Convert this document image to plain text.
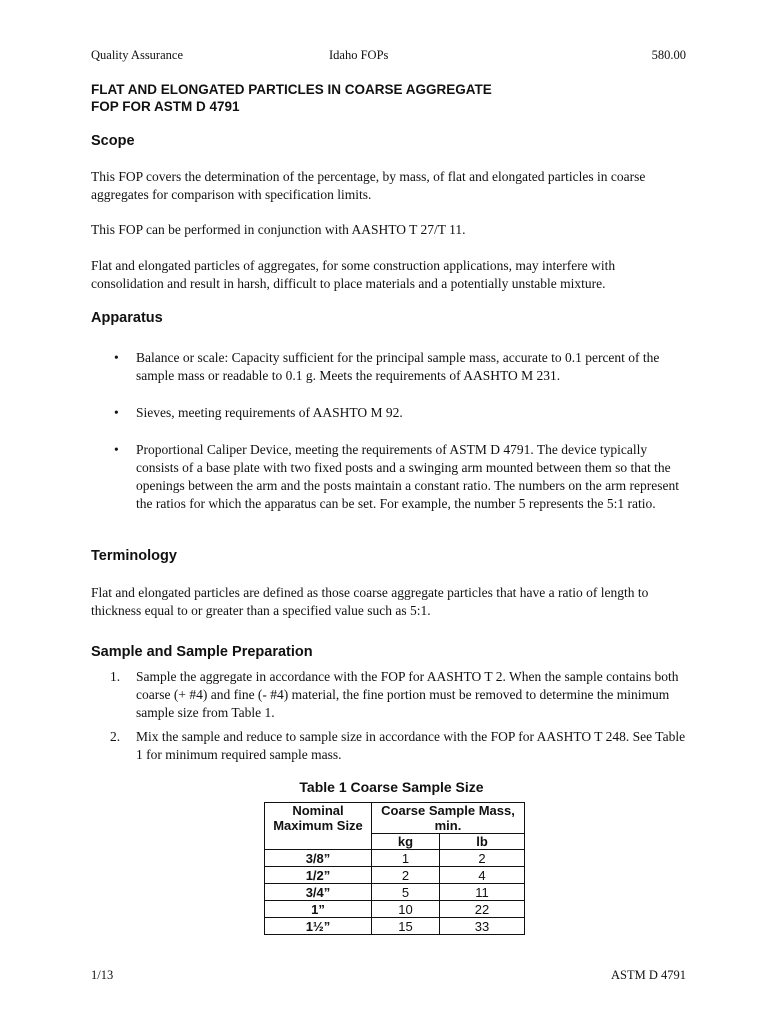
Quality Assurance	Idaho FOPs	580.00
FLAT AND ELONGATED PARTICLES IN COARSE AGGREGATE
FOP FOR ASTM D 4791
Scope
This FOP covers the determination of the percentage, by mass, of flat and elongated particles in coarse aggregates for comparison with specification limits.
This FOP can be performed in conjunction with AASHTO T 27/T 11.
Flat and elongated particles of aggregates, for some construction applications, may interfere with consolidation and result in harsh, difficult to place materials and a potentially unstable mixture.
Apparatus
•	Balance or scale: Capacity sufficient for the principal sample mass, accurate to 0.1 percent of the sample mass or readable to 0.1 g. Meets the requirements of AASHTO M 231.
•	Sieves, meeting requirements of AASHTO M 92.
•	Proportional Caliper Device, meeting the requirements of ASTM D 4791. The device typically consists of a base plate with two fixed posts and a swinging arm mounted between them so that the openings between the arm and the posts maintain a constant ratio. The numbers on the arm represent the ratios for which the apparatus can be set. For example, the number 5 represents the 5:1 ratio.
Terminology
Flat and elongated particles are defined as those coarse aggregate particles that have a ratio of length to thickness equal to or greater than a specified value such as 5:1.
Sample and Sample Preparation
1.	Sample the aggregate in accordance with the FOP for AASHTO T 2. When the sample contains both coarse (+ #4) and fine (- #4) material, the fine portion must be removed to determine the minimum sample size from Table 1.
2.	Mix the sample and reduce to sample size in accordance with the FOP for AASHTO T 248. See Table 1 for minimum required sample mass.
Table 1 Coarse Sample Size
Nominal Maximum Size	Coarse Sample Mass, min.	
	kg	lb
3/8”	1	2
1/2”	2	4
3/4”	5	11
1”	10	22
1½”	15	33
1/13	ASTM D 4791
